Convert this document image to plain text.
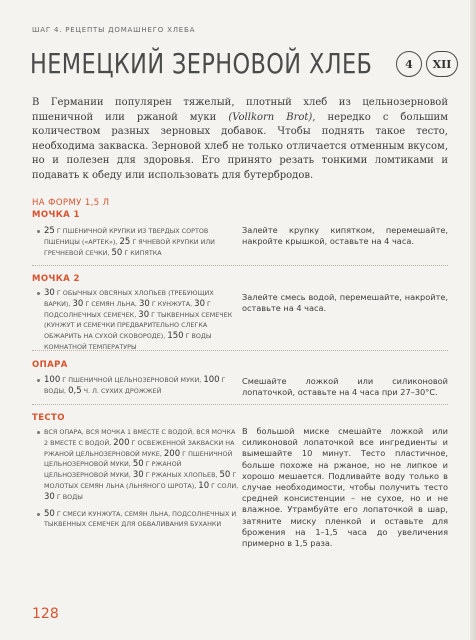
ШАГ 4. РЕЦЕПТЫ ДОМАШНЕГО ХЛЕБА
НЕМЕЦКИЙ ЗЕРНОВОЙ ХЛЕБ	4	XII
В Германии популярен тяжелый, плотный хлеб из цельнозерновой пшеничной или ржаной муки (Vollkorn Brot), нередко с большим количеством разных зерновых добавок. Чтобы поднять такое тесто, необходима закваска. Зерновой хлеб не только отличается отменным вкусом, но и полезен для здоровья. Его принято резать тонкими ломтиками и подавать к обеду или использовать для бутербродов.
НА ФОРМУ 1,5 Л
МОЧКА 1
25 Г ПШЕНИЧНОЙ КРУПКИ ИЗ ТВЕРДЫХ СОРТОВ ПШЕНИЦЫ («АРТЕК»), 25 Г ЯЧНЕВОЙ КРУПКИ ИЛИ ГРЕЧНЕВОЙ СЕЧКИ, 50 Г КИПЯТКА
Залейте крупку кипятком, перемешайте, накройте крышкой, оставьте на 4 часа.
МОЧКА 2
30 Г ОБЫЧНЫХ ОВСЯНЫХ ХЛОПЬЕВ (ТРЕБУЮЩИХ ВАРКИ), 30 Г СЕМЯН ЛЬНА, 30 Г КУНЖУТА, 30 Г ПОДСОЛНЕЧНЫХ СЕМЕЧЕК, 30 Г ТЫКВЕННЫХ СЕМЕЧЕК (КУНЖУТ И СЕМЕЧКИ ПРЕДВАРИТЕЛЬНО СЛЕГКА ОБЖАРИТЬ НА СУХОЙ СКОВОРОДЕ), 150 Г ВОДЫ КОМНАТНОЙ ТЕМПЕРАТУРЫ
Залейте смесь водой, перемешайте, накройте, оставьте на 4 часа.
ОПАРА
100 Г ПШЕНИЧНОЙ ЦЕЛЬНОЗЕРНОВОЙ МУКИ, 100 Г ВОДЫ, 0,5 Ч. Л. СУХИХ ДРОЖЖЕЙ
Смешайте ложкой или силиконовой лопаточкой, оставьте на 4 часа при 27–30°С.
ТЕСТО
ВСЯ ОПАРА, ВСЯ МОЧКА 1 ВМЕСТЕ С ВОДОЙ, ВСЯ МОЧКА 2 ВМЕСТЕ С ВОДОЙ, 200 Г ОСВЕЖЕННОЙ ЗАКВАСКИ НА РЖАНОЙ ЦЕЛЬНОЗЕРНОВОЙ МУКЕ, 200 Г ПШЕНИЧНОЙ ЦЕЛЬНОЗЕРНОВОЙ МУКИ, 50 Г РЖАНОЙ ЦЕЛЬНОЗЕРНОВОЙ МУКИ, 30 Г РЖАНЫХ ХЛОПЬЕВ, 50 Г МОЛОТЫХ СЕМЯН ЛЬНА (ЛЬНЯНОГО ШРОТА), 10 Г СОЛИ, 30 Г ВОДЫ
50 Г СМЕСИ КУНЖУТА, СЕМЯН ЛЬНА, ПОДСОЛНЕЧНЫХ И ТЫКВЕННЫХ СЕМЕЧЕК ДЛЯ ОБВАЛИВАНИЯ БУХАНКИ
В большой миске смешайте ложкой или силиконовой лопаточкой все ингредиенты и вымешайте 10 минут. Тесто пластичное, больше похоже на ржаное, но не липкое и хорошо мешается. Подливайте воду только в случае необходимости, чтобы получить тесто средней консистенции – не сухое, но и не влажное. Утрамбуйте его лопаточкой в шар, затяните миску пленкой и оставьте для брожения на 1–1,5 часа до увеличения примерно в 1,5 раза.
128
